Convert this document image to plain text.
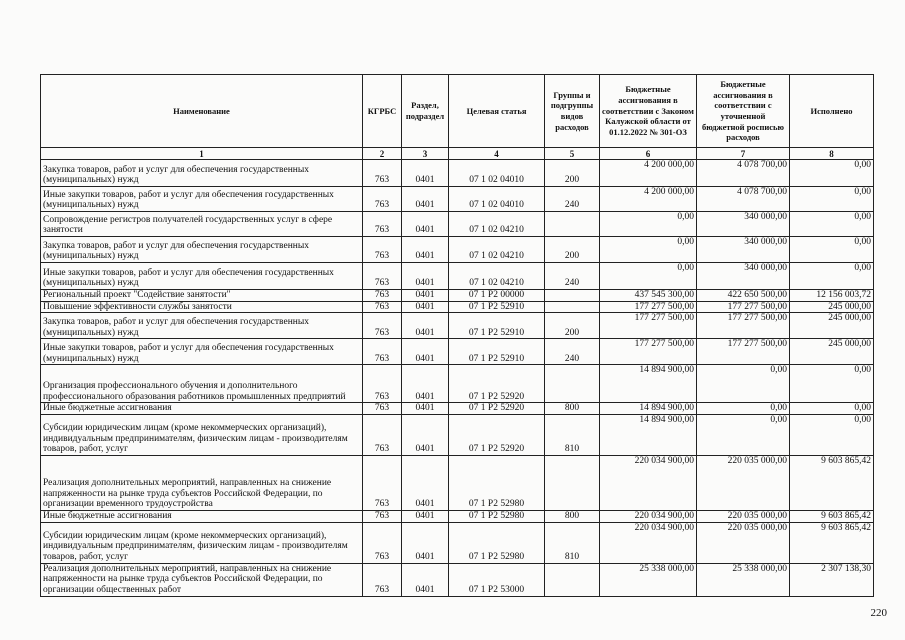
Наименование	КГРБС	Раздел, подраздел	Целевая статья	Группы и подгруппы видов расходов	Бюджетные ассигнования в соответствии с Законом Калужской области от 01.12.2022 № 301-ОЗ	Бюджетные ассигнования в соответствии с уточненной бюджетной росписью расходов	Исполнено
1	2	3	4	5	6	7	8
Закупка товаров, работ и услуг для обеспечения государственных (муниципальных) нужд	763	0401	07 1 02 04010	200	4 200 000,00	4 078 700,00	0,00
Иные закупки товаров, работ и услуг для обеспечения государственных (муниципальных) нужд	763	0401	07 1 02 04010	240	4 200 000,00	4 078 700,00	0,00
Сопровождение регистров получателей государственных услуг в сфере занятости	763	0401	07 1 02 04210		0,00	340 000,00	0,00
Закупка товаров, работ и услуг для обеспечения государственных (муниципальных) нужд	763	0401	07 1 02 04210	200	0,00	340 000,00	0,00
Иные закупки товаров, работ и услуг для обеспечения государственных (муниципальных) нужд	763	0401	07 1 02 04210	240	0,00	340 000,00	0,00
Региональный проект "Содействие занятости"	763	0401	07 1 P2 00000		437 545 300,00	422 650 500,00	12 156 003,72
Повышение эффективности службы занятости	763	0401	07 1 P2 52910		177 277 500,00	177 277 500,00	245 000,00
Закупка товаров, работ и услуг для обеспечения государственных (муниципальных) нужд	763	0401	07 1 P2 52910	200	177 277 500,00	177 277 500,00	245 000,00
Иные закупки товаров, работ и услуг для обеспечения государственных (муниципальных) нужд	763	0401	07 1 P2 52910	240	177 277 500,00	177 277 500,00	245 000,00
Организация профессионального обучения и дополнительного профессионального образования работников промышленных предприятий	763	0401	07 1 P2 52920		14 894 900,00	0,00	0,00
Иные бюджетные ассигнования	763	0401	07 1 P2 52920	800	14 894 900,00	0,00	0,00
Субсидии юридическим лицам (кроме некоммерческих организаций), индивидуальным предпринимателям, физическим лицам - производителям товаров, работ, услуг	763	0401	07 1 P2 52920	810	14 894 900,00	0,00	0,00
Реализация дополнительных мероприятий, направленных на снижение напряженности на рынке труда субъектов Российской Федерации, по организации временного трудоустройства	763	0401	07 1 P2 52980		220 034 900,00	220 035 000,00	9 603 865,42
Иные бюджетные ассигнования	763	0401	07 1 P2 52980	800	220 034 900,00	220 035 000,00	9 603 865,42
Субсидии юридическим лицам (кроме некоммерческих организаций), индивидуальным предпринимателям, физическим лицам - производителям товаров, работ, услуг	763	0401	07 1 P2 52980	810	220 034 900,00	220 035 000,00	9 603 865,42
Реализация дополнительных мероприятий, направленных на снижение напряженности на рынке труда субъектов Российской Федерации, по организации общественных работ	763	0401	07 1 P2 53000		25 338 000,00	25 338 000,00	2 307 138,30
220
